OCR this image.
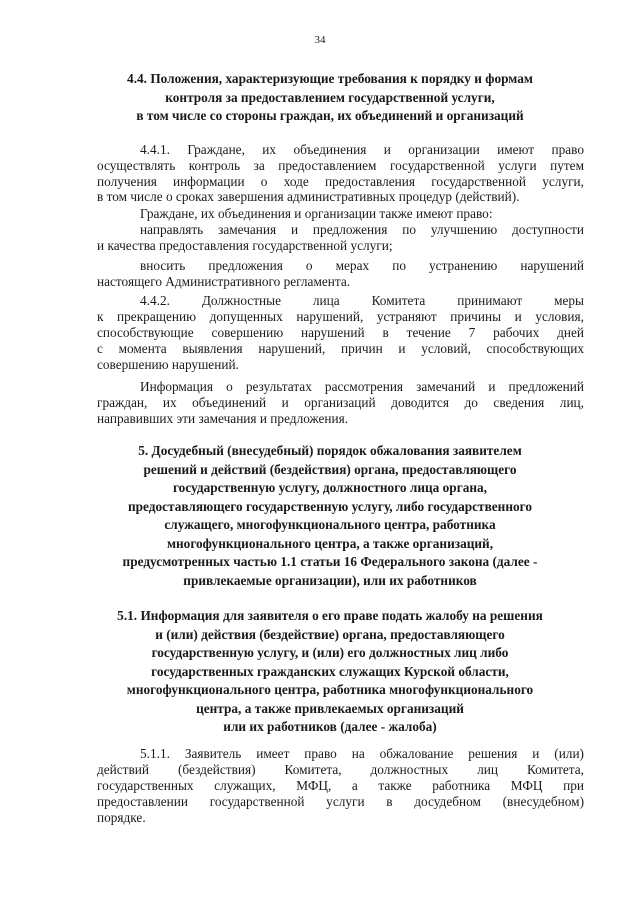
34
4.4. Положения, характеризующие требования к порядку и формам
контроля за предоставлением государственной услуги,
в том числе со стороны граждан, их объединений и организаций
4.4.1. Граждане, их объединения и организации имеют право
осуществлять контроль за предоставлением государственной услуги путем
получения информации о ходе предоставления государственной услуги,
в том числе о сроках завершения административных процедур (действий).
Граждане, их объединения и организации также имеют право:
направлять замечания и предложения по улучшению доступности
и качества предоставления государственной услуги;
вносить предложения о мерах по устранению нарушений
настоящего Административного регламента.
4.4.2. Должностные лица Комитета принимают меры
к прекращению допущенных нарушений, устраняют причины и условия,
способствующие совершению нарушений в течение 7 рабочих дней
с момента выявления нарушений, причин и условий, способствующих
совершению нарушений.
Информация о результатах рассмотрения замечаний и предложений
граждан, их объединений и организаций доводится до сведения лиц,
направивших эти замечания и предложения.
5. Досудебный (внесудебный) порядок обжалования заявителем
решений и действий (бездействия) органа, предоставляющего
государственную услугу, должностного лица органа,
предоставляющего государственную услугу, либо государственного
служащего, многофункционального центра, работника
многофункционального центра, а также организаций,
предусмотренных частью 1.1 статьи 16 Федерального закона (далее -
привлекаемые организации), или их работников
5.1. Информация для заявителя о его праве подать жалобу на решения
и (или) действия (бездействие) органа, предоставляющего
государственную услугу, и (или) его должностных лиц либо
государственных гражданских служащих Курской области,
многофункционального центра, работника многофункционального
центра, а также привлекаемых организаций
или их работников (далее - жалоба)
5.1.1. Заявитель имеет право на обжалование решения и (или)
действий (бездействия) Комитета, должностных лиц Комитета,
государственных служащих, МФЦ, а также работника МФЦ при
предоставлении государственной услуги в досудебном (внесудебном)
порядке.
